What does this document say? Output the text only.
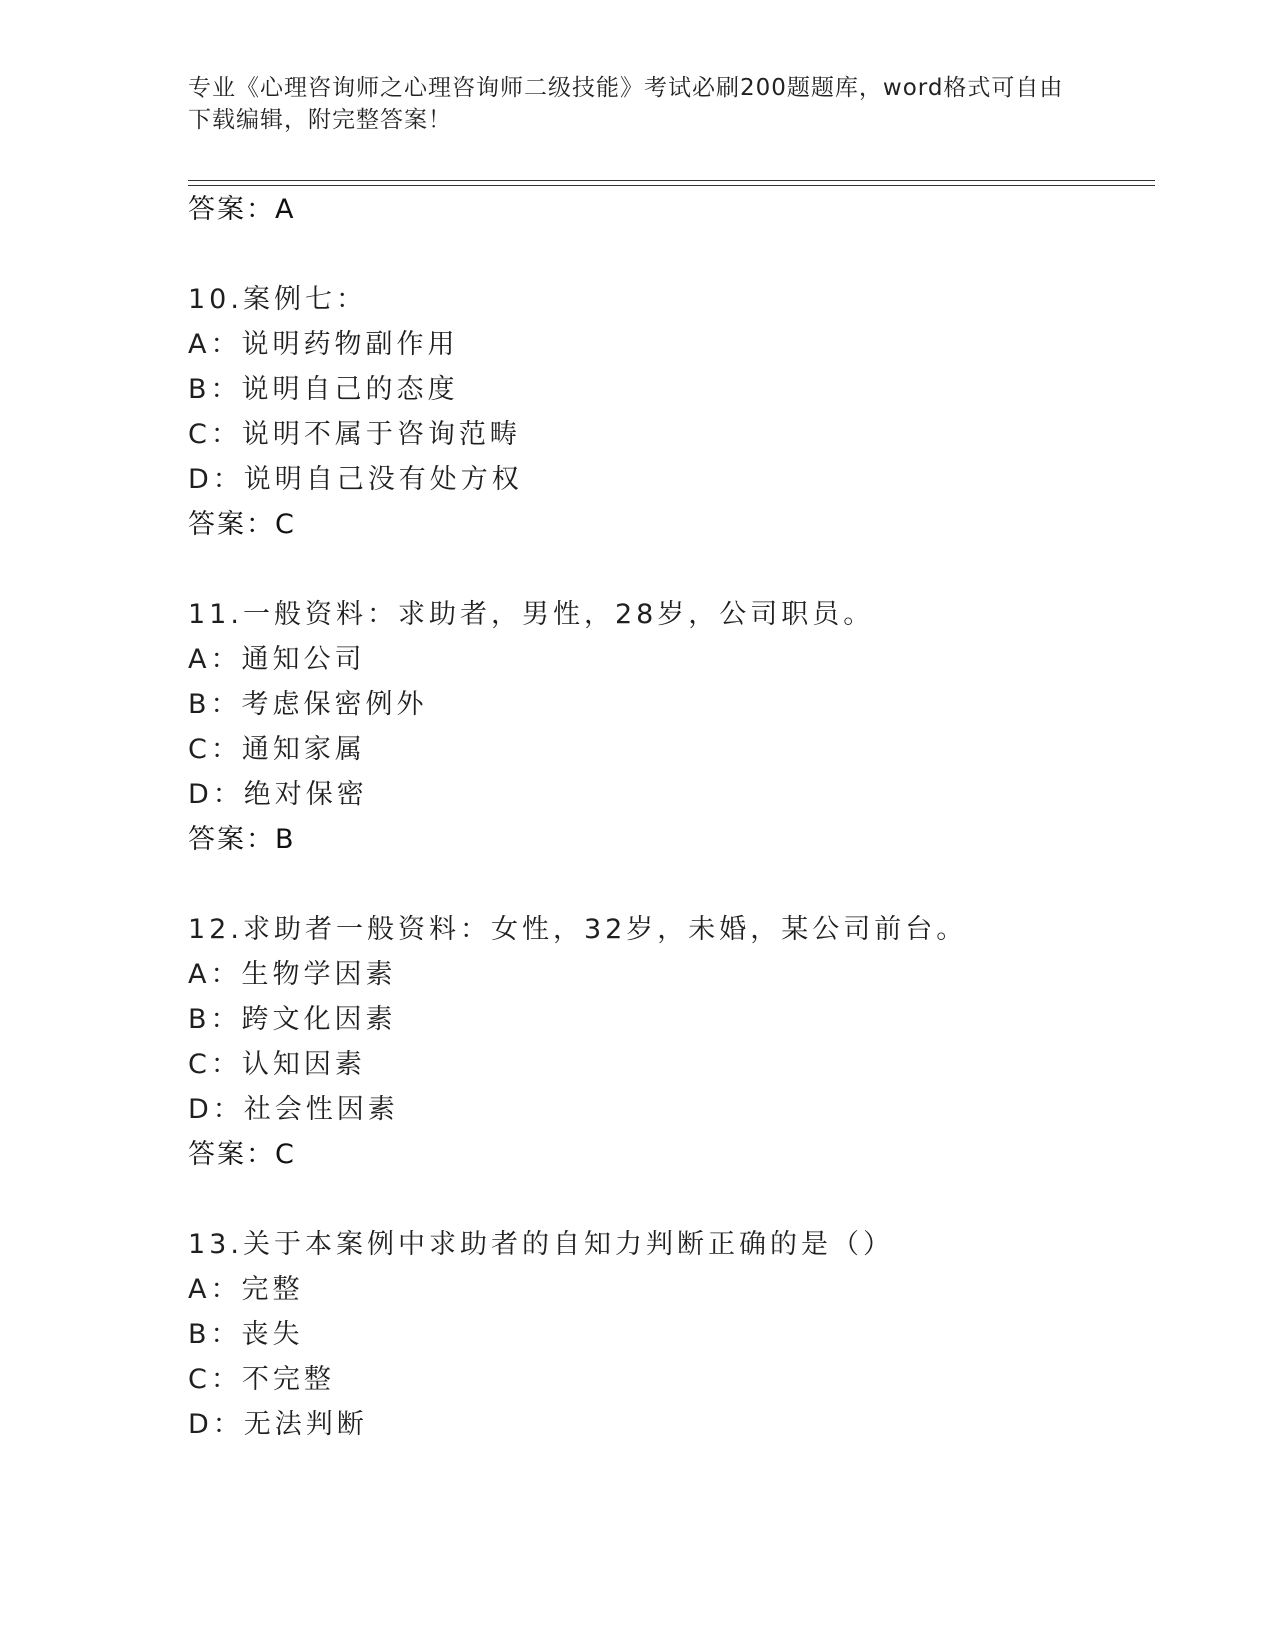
专业《心理咨询师之心理咨询师二级技能》考试必刷200题题库，word格式可自由下载编辑，附完整答案！
答案：A
10.案例七：
A：说明药物副作用
B：说明自己的态度
C：说明不属于咨询范畴
D：说明自己没有处方权
答案：C
11.一般资料：求助者，男性，28岁，公司职员。
A：通知公司
B：考虑保密例外
C：通知家属
D：绝对保密
答案：B
12.求助者一般资料：女性，32岁，未婚，某公司前台。
A：生物学因素
B：跨文化因素
C：认知因素
D：社会性因素
答案：C
13.关于本案例中求助者的自知力判断正确的是（）
A：完整
B：丧失
C：不完整
D：无法判断
